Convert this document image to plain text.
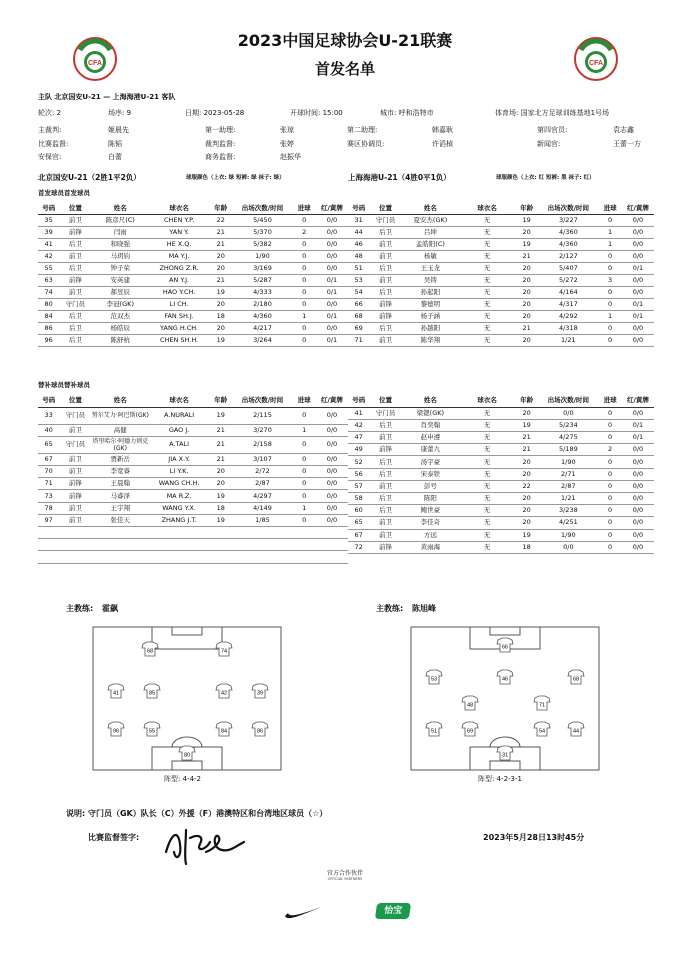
CFA	CFA
2023中国足球协会U-21联赛
首发名单
主队 北京国安U-21 — 上海海港U-21 客队
轮次: 2	场序: 9	日期: 2023-05-28	开球时间: 15:00	城市: 呼和浩特市	体育场: 国家北方足球训练基地1号场
主裁判:	姬晨先	第一助理:	张琼	第二助理:	韩嘉耿	第四官员:	袁志鑫
比赛监督:	陈韬	裁判监督:	张婷	赛区协调员:	许滔楨	新闻官:	王蕾一方
安保官:	白蕾	商务监督:	赵振华
北京国安U-21（2胜1平2负）	球服颜色（上衣: 绿 短裤: 绿 袜子: 绿）	上海海港U-21（4胜0平1负）	球服颜色（上衣: 红 短裤: 黑 袜子: 红）
首发球员首发球员
号码	位置	姓名	球衣名	年龄	出场次数/时间	进球	红/黄牌
35	前卫	陈彦尺(C)	CHEN Y.P.	22	5/450	0	0/0
39	前锋	闫雨	YAN Y.	21	5/370	2	0/0
41	后卫	和晓强	HE X.Q.	21	5/382	0	0/0
42	前卫	马玥钧	MA Y.J.	20	1/90	0	0/0
55	后卫	钟子荣	ZHONG Z.R.	20	3/169	0	0/0
63	前锋	安英建	AN Y.J.	21	5/287	0	0/1
74	前卫	郝昱辰	HAO Y.CH.	19	4/333	0	0/1
80	守门员	李冠(GK)	LI CH.	20	2/180	0	0/0
84	后卫	范双杰	FAN SH.J.	18	4/360	1	0/1
86	后卫	杨皓辰	YANG H.CH.	20	4/217	0	0/0
96	后卫	陈舒杭	CHEN SH.H.	19	3/264	0	0/1
号码	位置	姓名	球衣名	年龄	出场次数/时间	进球	红/黄牌
31	守门员	夏安杰(GK)	无	19	3/227	0	0/0
44	后卫	吕坤	无	20	4/360	1	0/0
46	前卫	孟皓阳(C)	无	19	4/360	1	0/0
48	前卫	杨敏	无	21	2/127	0	0/0
51	后卫	王玉龙	无	20	5/407	0	0/1
53	前卫	吴铸	无	20	5/272	3	0/0
54	后卫	孙起阳	无	20	4/164	0	0/0
66	前锋	黎德明	无	20	4/317	0	0/1
68	前锋	杨子涵	无	20	4/292	1	0/1
69	后卫	孙越阳	无	21	4/318	0	0/0
71	前卫	陈华翔	无	20	1/21	0	0/0
替补球员替补球员
号码	位置	姓名	球衣名	年龄	出场次数/时间	进球	红/黄牌
33	守门员	努尔艾力·阿巴斯(GK)	A.NURALI	19	2/115	0	0/0
40	前卫	高健	GAO J.	21	3/270	1	0/0
65	守门员	塔里哈尔·阿德力则克(GK)	A.TALI	21	2/158	0	0/0
67	前卫	贾新岳	JIA X.Y.	21	3/107	0	0/0
70	前卫	李宽睿	LI Y.K.	20	2/72	0	0/0
71	前锋	王晨翰	WANG CH.H.	20	2/87	0	0/0
73	前锋	马睿泽	MA R.Z.	19	4/297	0	0/0
78	前卫	王宇翔	WANG Y.X.	18	4/149	1	0/0
97	前卫	张佳天	ZHANG J.T.	19	1/85	0	0/0

号码	位置	姓名	球衣名	年龄	出场次数/时间	进球	红/黄牌
41	守门员	梁锶(GK)	无	20	0/0	0	0/0
42	后卫	肖奕翰	无	19	5/234	0	0/1
47	前卫	赵申遵	无	21	4/275	0	0/1
49	前锋	康蕾九	无	21	5/189	2	0/0
52	后卫	汤宇豪	无	20	1/90	0	0/0
56	后卫	宋泰铁	无	20	2/71	0	0/0
57	前卫	彭号	无	22	2/87	0	0/0
58	后卫	陈阳	无	20	1/21	0	0/0
60	后卫	鲍世豪	无	20	3/238	0	0/0
65	前卫	李佳奇	无	20	4/251	0	0/0
67	前卫	方远	无	19	1/90	0	0/0
72	前锋	黄雨海	无	18	0/0	0	0/0
主教练: 霍飙	主教练: 陈旭峰
68	74
41	85	42	39
96	55	84	86
80
66
53	46	68
48	71
51	69	54	44
31
阵型: 4-4-2	阵型: 4-2-3-1
说明: 守门员（GK）队长（C）外援（F）港澳特区和台湾地区球员（☆）
比赛监督签字:	2023年5月28日13时45分
官方合作伙伴
OFFICIAL PARTNERS
怡宝
